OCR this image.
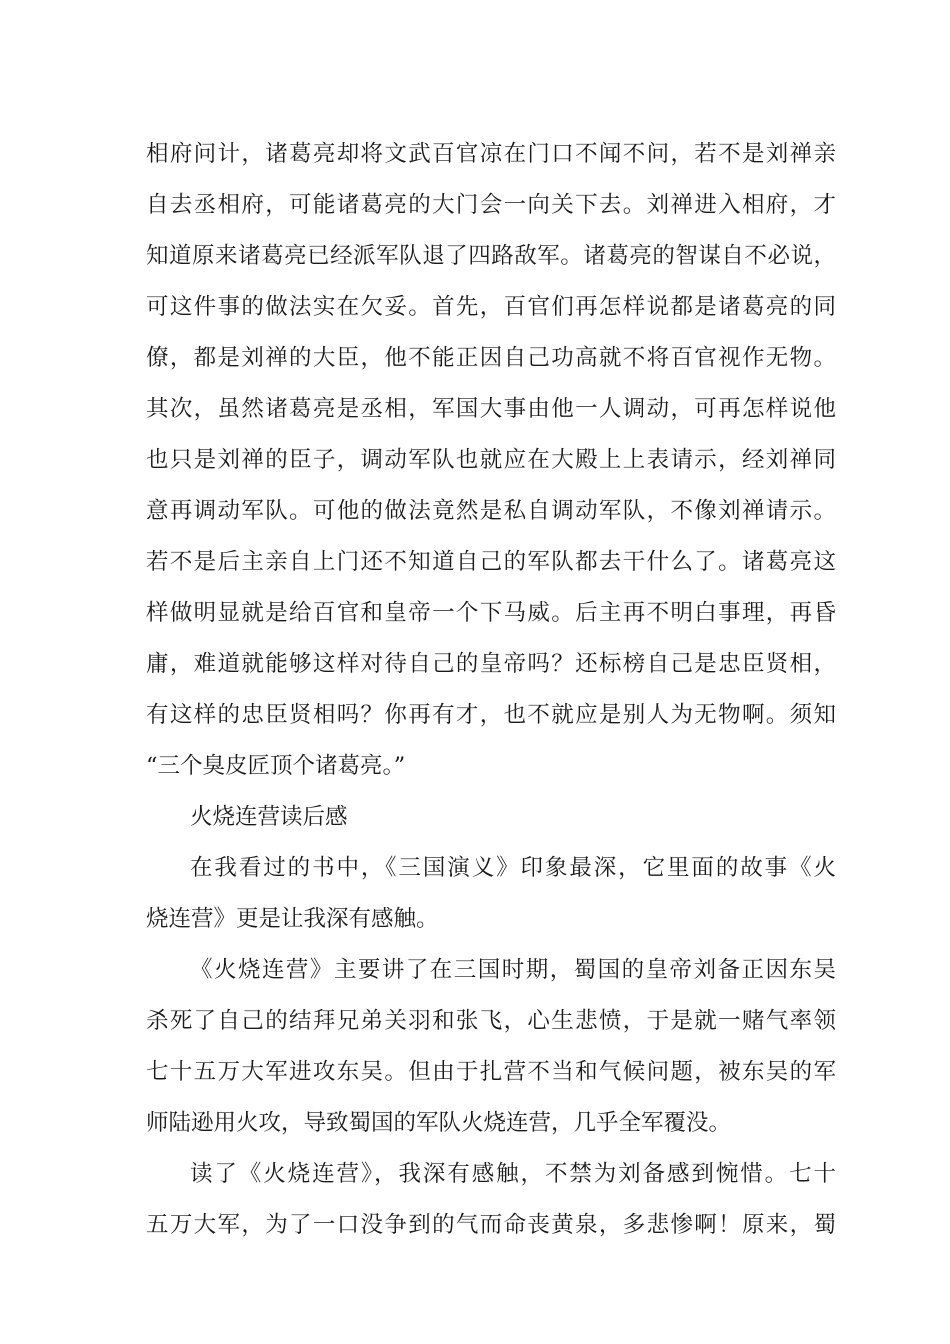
相府问计，诸葛亮却将文武百官凉在门口不闻不问，若不是刘禅亲
自去丞相府，可能诸葛亮的大门会一向关下去。刘禅进入相府，才
知道原来诸葛亮已经派军队退了四路敌军。诸葛亮的智谋自不必说，
可这件事的做法实在欠妥。首先，百官们再怎样说都是诸葛亮的同
僚，都是刘禅的大臣，他不能正因自己功高就不将百官视作无物。
其次，虽然诸葛亮是丞相，军国大事由他一人调动，可再怎样说他
也只是刘禅的臣子，调动军队也就应在大殿上上表请示，经刘禅同
意再调动军队。可他的做法竟然是私自调动军队，不像刘禅请示。
若不是后主亲自上门还不知道自己的军队都去干什么了。诸葛亮这
样做明显就是给百官和皇帝一个下马威。后主再不明白事理，再昏
庸，难道就能够这样对待自己的皇帝吗？还标榜自己是忠臣贤相，
有这样的忠臣贤相吗？你再有才，也不就应是别人为无物啊。须知
“三个臭皮匠顶个诸葛亮。”
火烧连营读后感
在我看过的书中，《三国演义》印象最深，它里面的故事《火
烧连营》更是让我深有感触。
《火烧连营》主要讲了在三国时期，蜀国的皇帝刘备正因东吴
杀死了自己的结拜兄弟关羽和张飞，心生悲愤，于是就一赌气率领
七十五万大军进攻东吴。但由于扎营不当和气候问题，被东吴的军
师陆逊用火攻，导致蜀国的军队火烧连营，几乎全军覆没。
读了《火烧连营》，我深有感触，不禁为刘备感到惋惜。七十
五万大军，为了一口没争到的气而命丧黄泉，多悲惨啊！原来，蜀
